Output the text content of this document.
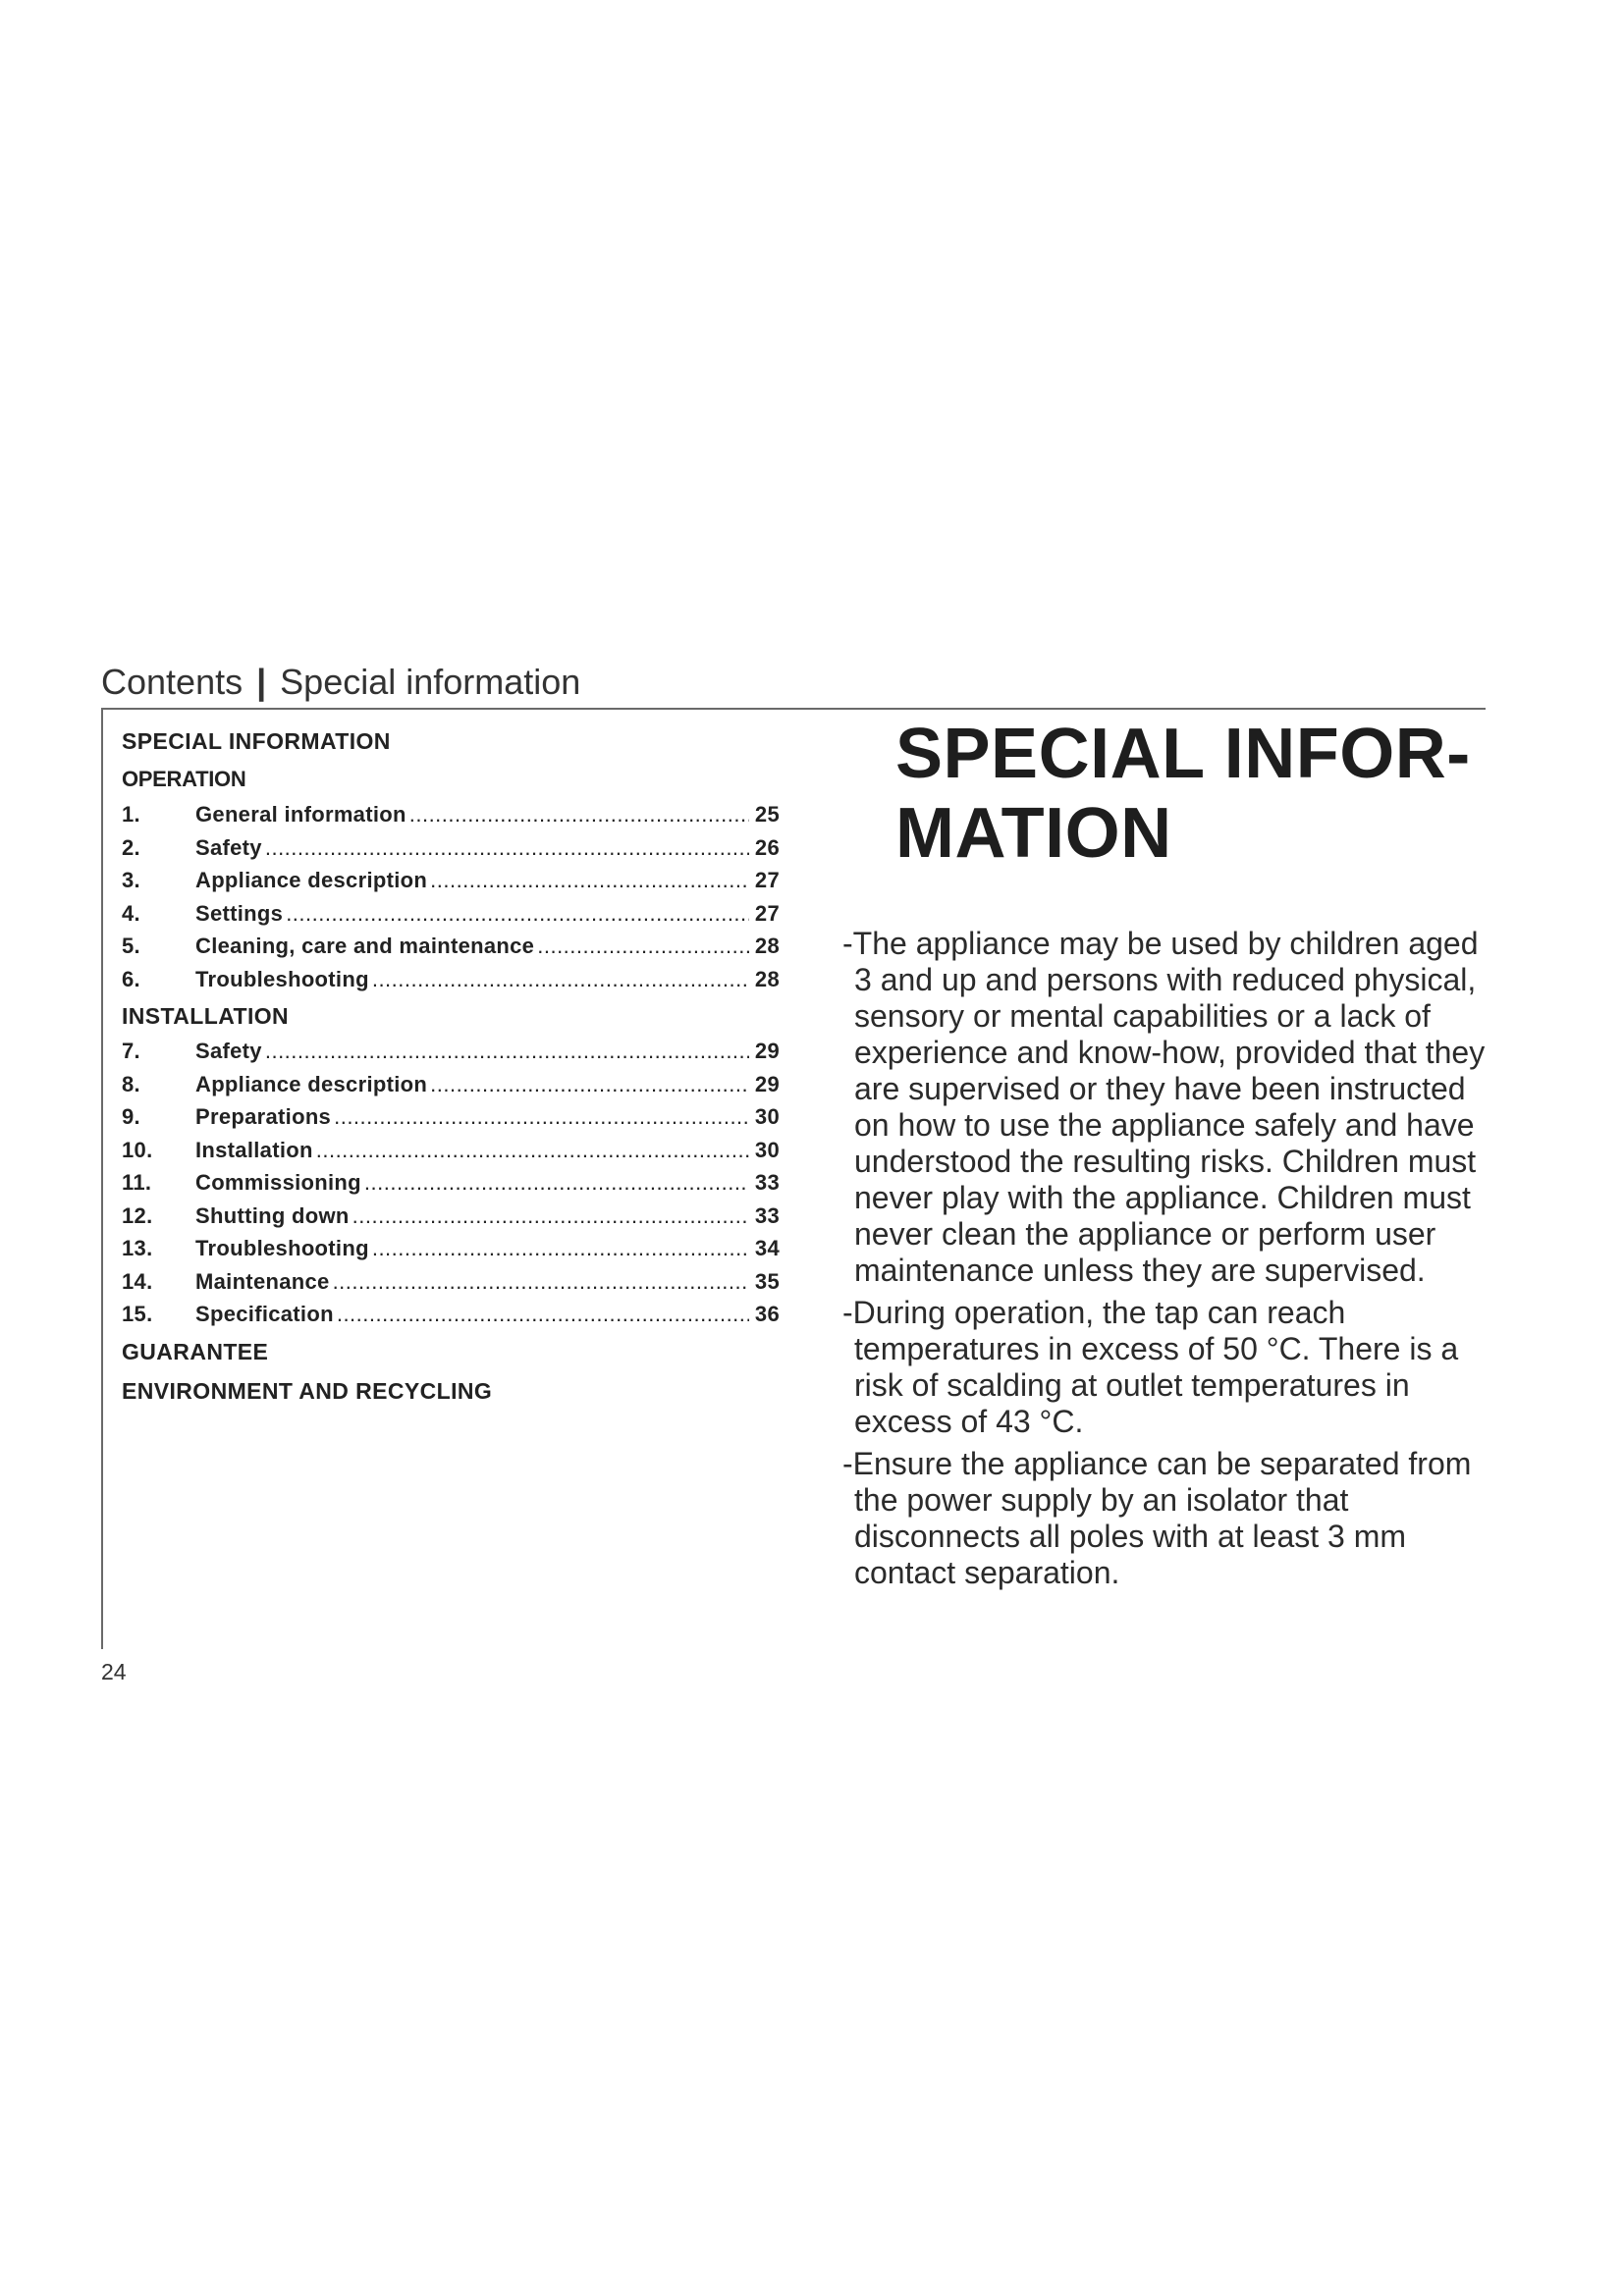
Contents | Special information
SPECIAL INFORMATION
OPERATION
1.	General information .....	25
2.	Safety .....	26
3.	Appliance description .....	27
4.	Settings .....	27
5.	Cleaning, care and maintenance .....	28
6.	Troubleshooting .....	28
INSTALLATION
7.	Safety .....	29
8.	Appliance description .....	29
9.	Preparations .....	30
10.	Installation .....	30
11.	Commissioning .....	33
12.	Shutting down .....	33
13.	Troubleshooting .....	34
14.	Maintenance .....	35
15.	Specification .....	36
GUARANTEE
ENVIRONMENT AND RECYCLING
SPECIAL INFOR-
MATION

-The appliance may be used by children aged 3 and up and persons with reduced physical, sensory or mental capabilities or a lack of experience and know-how, provided that they are supervised or they have been instructed on how to use the appliance safely and have understood the resulting risks. Children must never play with the appliance. Children must never clean the appliance or perform user maintenance unless they are supervised.

-During operation, the tap can reach temperatures in excess of 50 °C. There is a risk of scalding at outlet temperatures in excess of 43 °C.

-Ensure the appliance can be separated from the power supply by an isolator that disconnects all poles with at least 3 mm contact separation.

24
